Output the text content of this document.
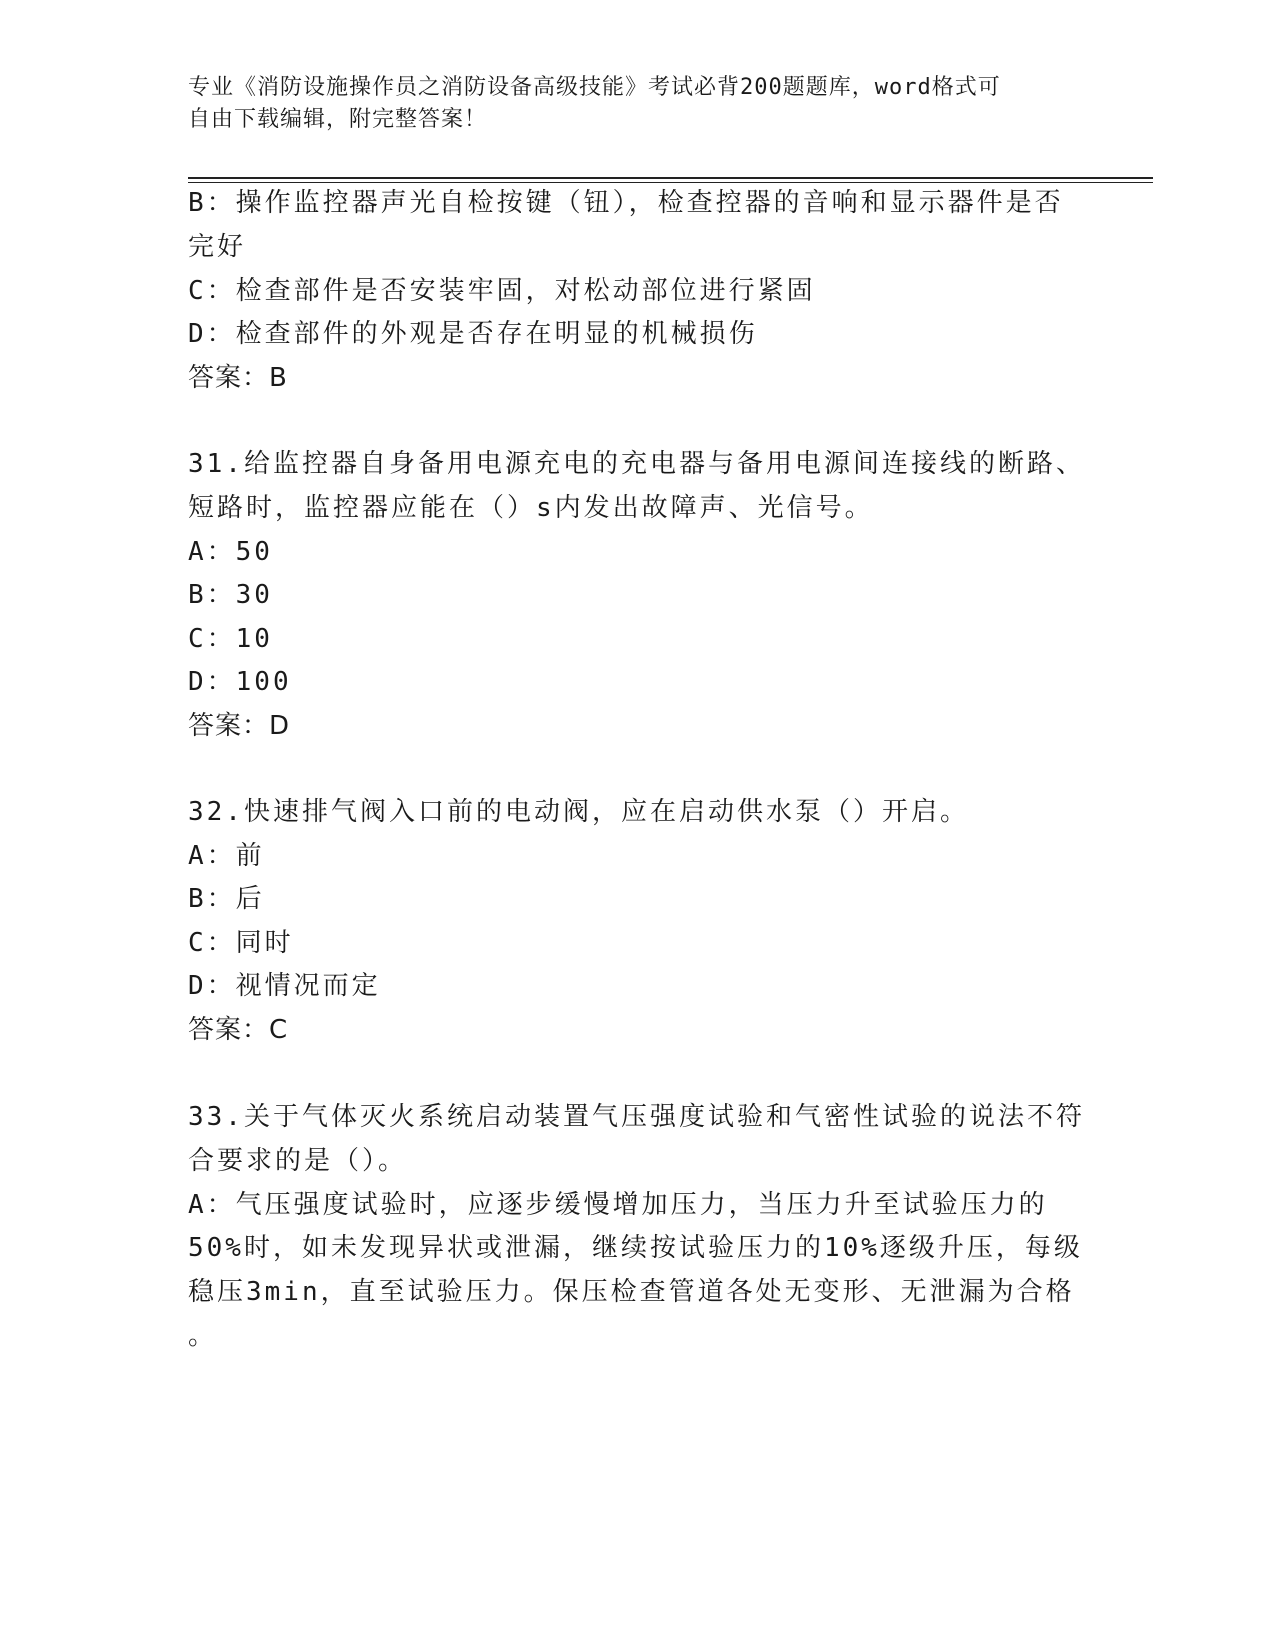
专业《消防设施操作员之消防设备高级技能》考试必背200题题库，word格式可
自由下载编辑，附完整答案！
B：操作监控器声光自检按键（钮），检查控器的音响和显示器件是否
完好
C：检查部件是否安装牢固，对松动部位进行紧固
D：检查部件的外观是否存在明显的机械损伤
答案：B
31.给监控器自身备用电源充电的充电器与备用电源间连接线的断路、
短路时，监控器应能在（）s内发出故障声、光信号。
A：50
B：30
C：10
D：100
答案：D
32.快速排气阀入口前的电动阀，应在启动供水泵（）开启。
A：前
B：后
C：同时
D：视情况而定
答案：C
33.关于气体灭火系统启动装置气压强度试验和气密性试验的说法不符
合要求的是（）。
A：气压强度试验时，应逐步缓慢增加压力，当压力升至试验压力的
50%时，如未发现异状或泄漏，继续按试验压力的10%逐级升压，每级
稳压3min，直至试验压力。保压检查管道各处无变形、无泄漏为合格
。
